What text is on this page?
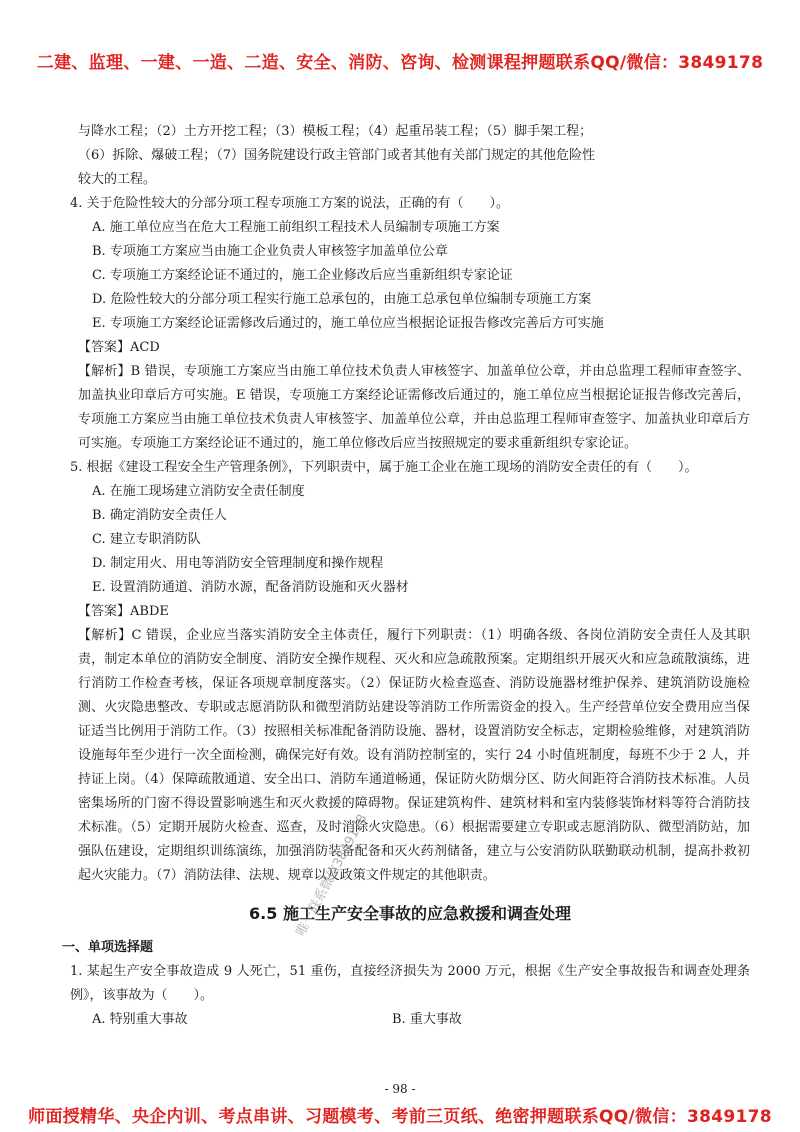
二建、监理、一建、一造、二造、安全、消防、咨询、检测课程押题联系QQ/微信：3849178

与降水工程；（2）土方开挖工程；（3）模板工程；（4）起重吊装工程；（5）脚手架工程；

（6）拆除、爆破工程；（7）国务院建设行政主管部门或者其他有关部门规定的其他危险性

较大的工程。

4. 关于危险性较大的分部分项工程专项施工方案的说法，正确的有（　　）。

A. 施工单位应当在危大工程施工前组织工程技术人员编制专项施工方案

B. 专项施工方案应当由施工企业负责人审核签字加盖单位公章

C. 专项施工方案经论证不通过的，施工企业修改后应当重新组织专家论证

D. 危险性较大的分部分项工程实行施工总承包的，由施工总承包单位编制专项施工方案

E. 专项施工方案经论证需修改后通过的，施工单位应当根据论证报告修改完善后方可实施

【答案】ACD

【解析】B 错误，专项施工方案应当由施工单位技术负责人审核签字、加盖单位公章，并由总监理工程师审查签字、加盖执业印章后方可实施。E 错误，专项施工方案经论证需修改后通过的，施工单位应当根据论证报告修改完善后，专项施工方案应当由施工单位技术负责人审核签字、加盖单位公章，并由总监理工程师审查签字、加盖执业印章后方可实施。专项施工方案经论证不通过的，施工单位修改后应当按照规定的要求重新组织专家论证。

5. 根据《建设工程安全生产管理条例》，下列职责中，属于施工企业在施工现场的消防安全责任的有（　　）。

A. 在施工现场建立消防安全责任制度

B. 确定消防安全责任人

C. 建立专职消防队

D. 制定用火、用电等消防安全管理制度和操作规程

E. 设置消防通道、消防水源，配备消防设施和灭火器材

【答案】ABDE

【解析】C 错误，企业应当落实消防安全主体责任，履行下列职责：（1）明确各级、各岗位消防安全责任人及其职责，制定本单位的消防安全制度、消防安全操作规程、灭火和应急疏散预案。定期组织开展灭火和应急疏散演练，进行消防工作检查考核，保证各项规章制度落实。（2）保证防火检查巡查、消防设施器材维护保养、建筑消防设施检测、火灾隐患整改、专职或志愿消防队和微型消防站建设等消防工作所需资金的投入。生产经营单位安全费用应当保证适当比例用于消防工作。（3）按照相关标准配备消防设施、器材，设置消防安全标志，定期检验维修，对建筑消防设施每年至少进行一次全面检测，确保完好有效。设有消防控制室的，实行 24 小时值班制度，每班不少于 2 人，并持证上岗。（4）保障疏散通道、安全出口、消防车通道畅通，保证防火防烟分区、防火间距符合消防技术标准。人员密集场所的门窗不得设置影响逃生和灭火救援的障碍物。保证建筑构件、建筑材料和室内装修装饰材料等符合消防技术标准。（5）定期开展防火检查、巡查，及时消除火灾隐患。（6）根据需要建立专职或志愿消防队、微型消防站，加强队伍建设，定期组织训练演练，加强消防装备配备和灭火药剂储备，建立与公安消防队联勤联动机制，提高扑救初起火灾能力。（7）消防法律、法规、规章以及政策文件规定的其他职责。

6.5 施工生产安全事故的应急救援和调查处理

一、单项选择题

1. 某起生产安全事故造成 9 人死亡，51 重伤，直接经济损失为 2000 万元，根据《生产安全事故报告和调查处理条例》，该事故为（　　）。

A. 特别重大事故	B. 重大事故
唯一联系微信3849178
- 98 -
师面授精华、央企内训、考点串讲、习题模考、考前三页纸、绝密押题联系QQ/微信：3849178
